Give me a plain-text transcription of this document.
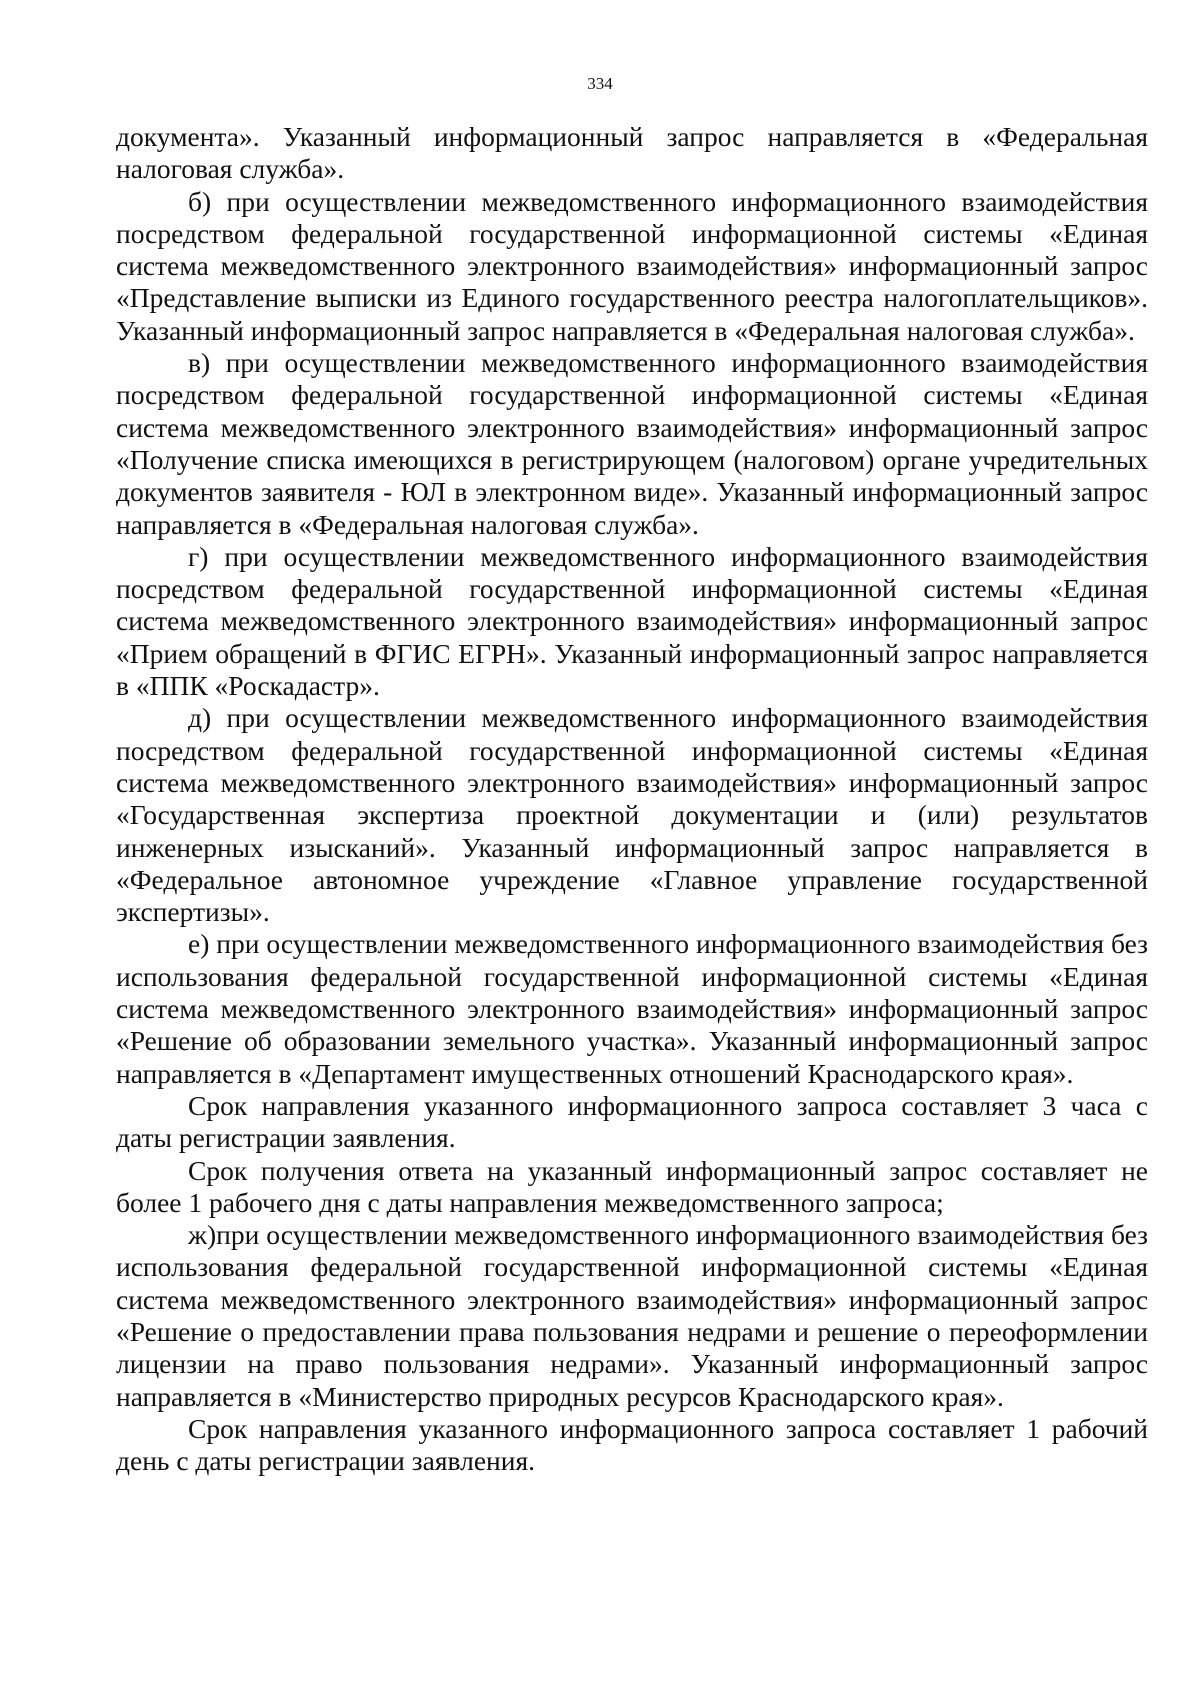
334

документа». Указанный информационный запрос направляется в «Федеральная налоговая служба».

б) при осуществлении межведомственного информационного взаимодействия посредством федеральной государственной информационной системы «Единая система межведомственного электронного взаимодействия» информационный запрос «Представление выписки из Единого государственного реестра налогоплательщиков». Указанный информационный запрос направляется в «Федеральная налоговая служба».

в) при осуществлении межведомственного информационного взаимодействия посредством федеральной государственной информационной системы «Единая система межведомственного электронного взаимодействия» информационный запрос «Получение списка имеющихся в регистрирующем (налоговом) органе учредительных документов заявителя - ЮЛ в электронном виде». Указанный информационный запрос направляется в «Федеральная налоговая служба».

г) при осуществлении межведомственного информационного взаимодействия посредством федеральной государственной информационной системы «Единая система межведомственного электронного взаимодействия» информационный запрос «Прием обращений в ФГИС ЕГРН». Указанный информационный запрос направляется в «ППК «Роскадастр».

д) при осуществлении межведомственного информационного взаимодействия посредством федеральной государственной информационной системы «Единая система межведомственного электронного взаимодействия» информационный запрос «Государственная экспертиза проектной документации и (или) результатов инженерных изысканий». Указанный информационный запрос направляется в «Федеральное автономное учреждение «Главное управление государственной экспертизы».

е) при осуществлении межведомственного информационного взаимодействия без использования федеральной государственной информационной системы «Единая система межведомственного электронного взаимодействия» информационный запрос «Решение об образовании земельного участка». Указанный информационный запрос направляется в «Департамент имущественных отношений Краснодарского края».

Срок направления указанного информационного запроса составляет 3 часа с даты регистрации заявления.

Срок получения ответа на указанный информационный запрос составляет не более 1 рабочего дня с даты направления межведомственного запроса;

ж)при осуществлении межведомственного информационного взаимодействия без использования федеральной государственной информационной системы «Единая система межведомственного электронного взаимодействия» информационный запрос «Решение о предоставлении права пользования недрами и решение о переоформлении лицензии на право пользования недрами». Указанный информационный запрос направляется в «Министерство природных ресурсов Краснодарского края».

Срок направления указанного информационного запроса составляет 1 рабочий день с даты регистрации заявления.
